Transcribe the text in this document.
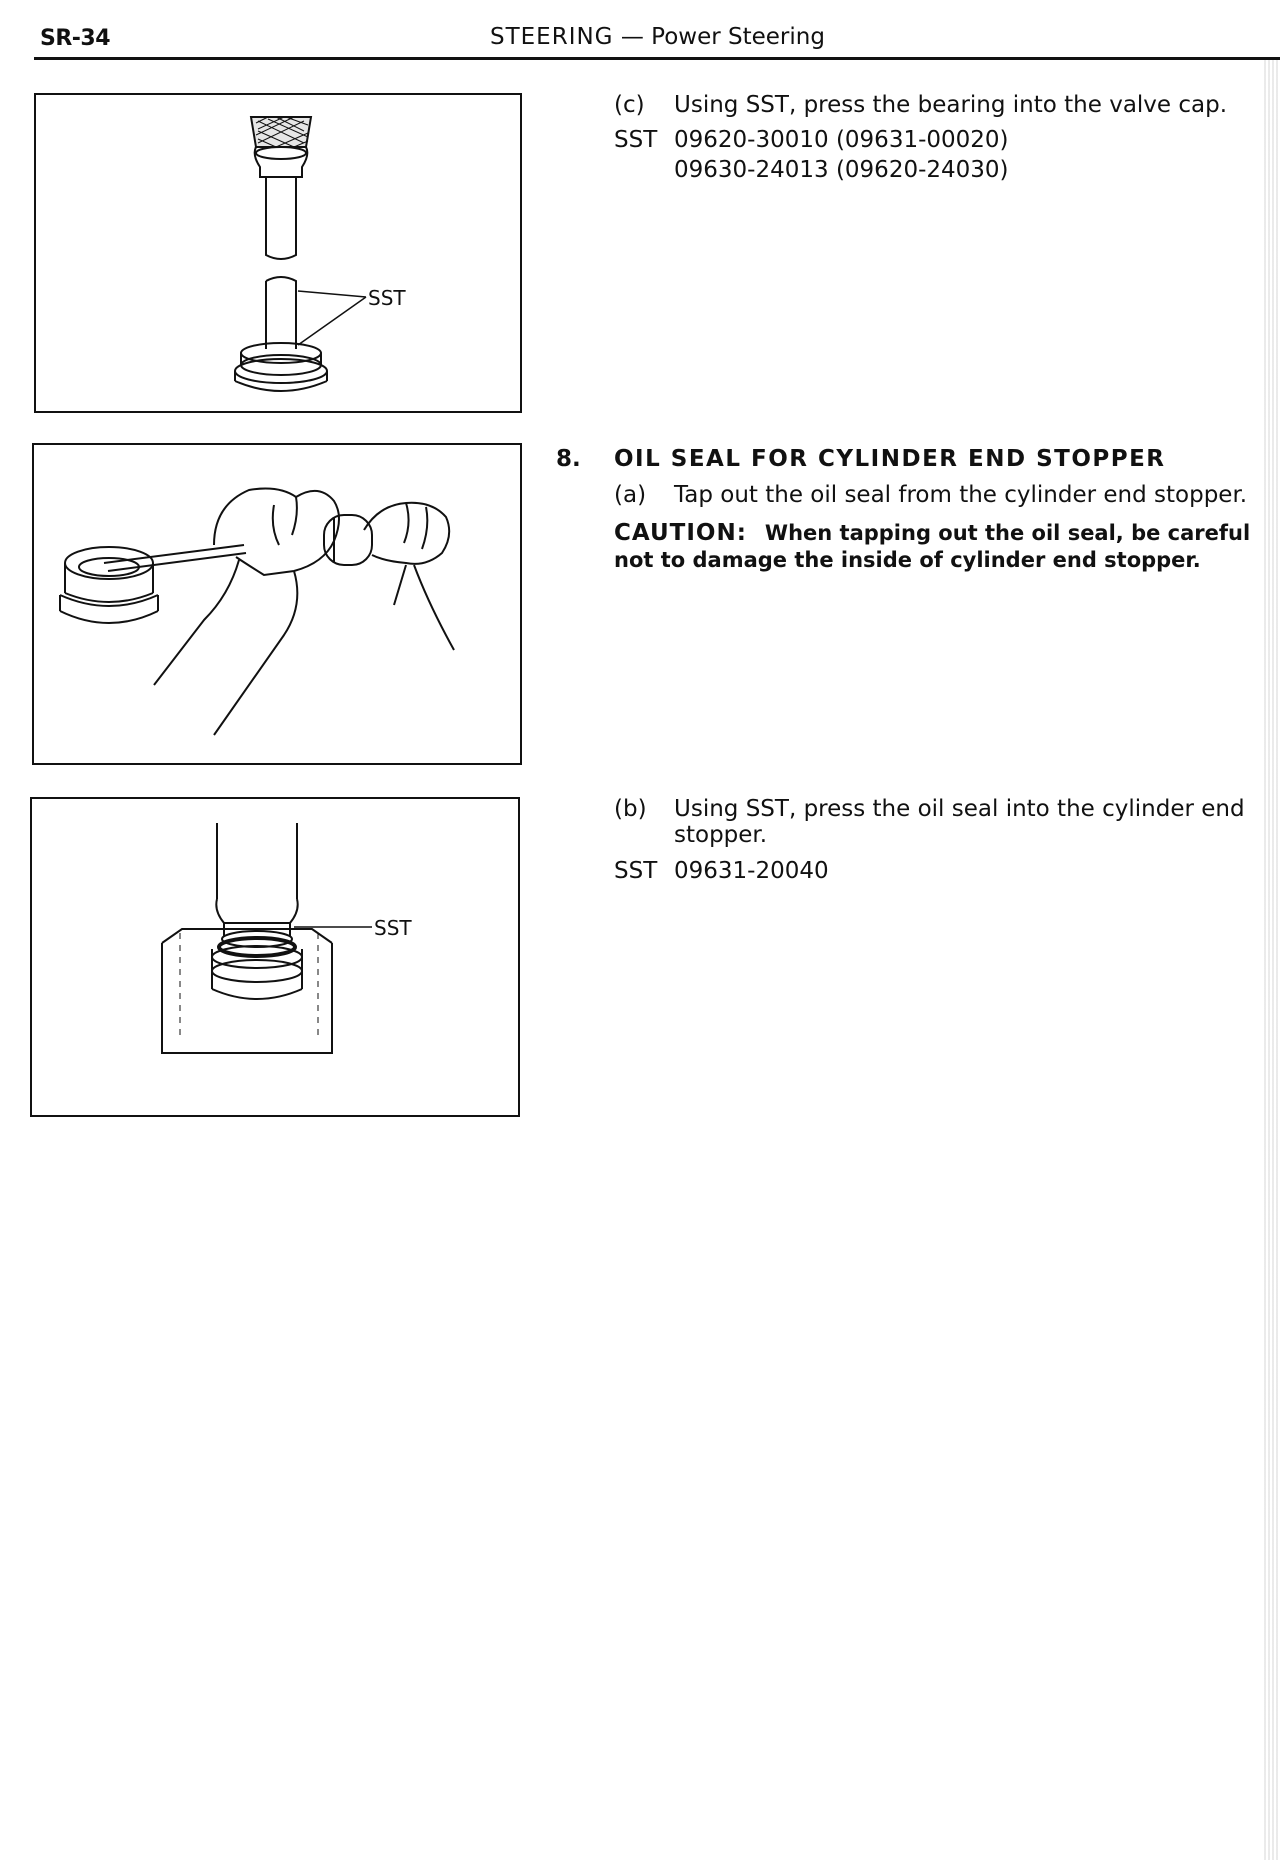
SR-34	STEERING — Power Steering
SST
SST
(c) Using SST, press the bearing into the valve cap.
SST 09620-30010 (09631-00020)
09630-24013 (09620-24030)
8. OIL SEAL FOR CYLINDER END STOPPER
(a) Tap out the oil seal from the cylinder end stopper.
CAUTION: When tapping out the oil seal, be careful not to damage the inside of cylinder end stopper.
(b) Using SST, press the oil seal into the cylinder end
stopper.
SST 09631-20040
